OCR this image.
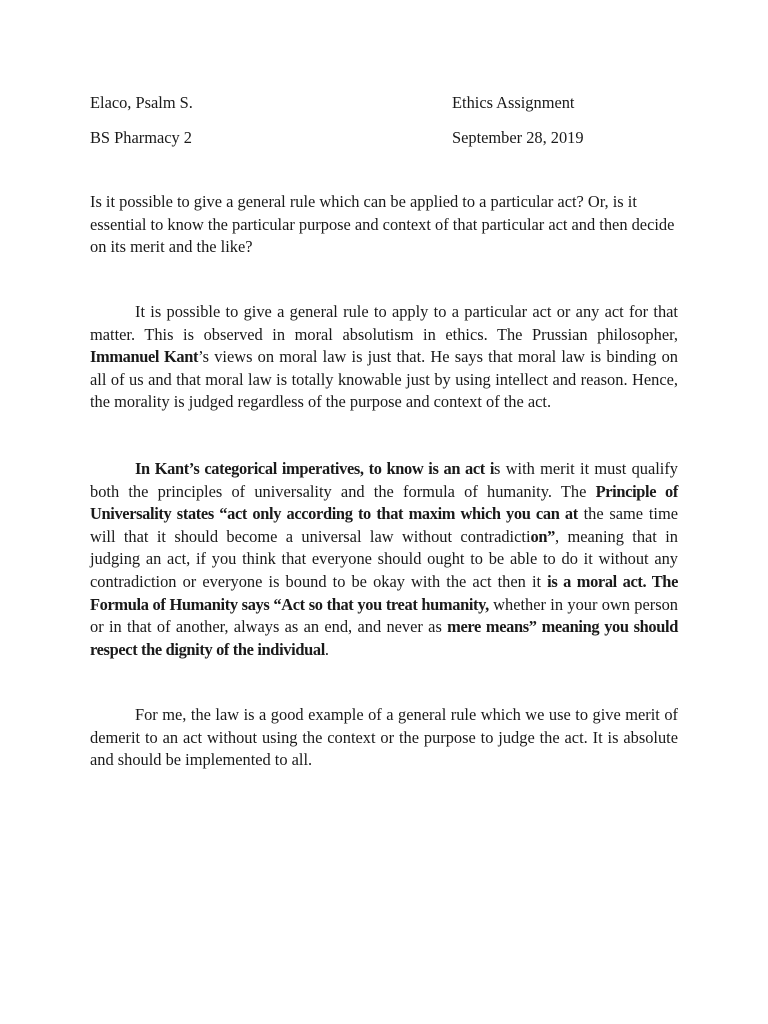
Elaco, Psalm S.	Ethics Assignment
BS Pharmacy 2	September 28, 2019

Is it possible to give a general rule which can be applied to a particular act? Or, is it essential to know the particular purpose and context of that particular act and then decide on its merit and the like?

It is possible to give a general rule to apply to a particular act or any act for that matter. This is observed in moral absolutism in ethics. The Prussian philosopher, Immanuel Kant’s views on moral law is just that. He says that moral law is binding on all of us and that moral law is totally knowable just by using intellect and reason. Hence, the morality is judged regardless of the purpose and context of the act.

In Kant’s categorical imperatives, to know is an act is with merit it must qualify both the principles of universality and the formula of humanity. The Principle of Universality states “act only according to that maxim which you can at the same time will that it should become a universal law without contradiction”, meaning that in judging an act, if you think that everyone should ought to be able to do it without any contradiction or everyone is bound to be okay with the act then it is a moral act. The Formula of Humanity says “Act so that you treat humanity, whether in your own person or in that of another, always as an end, and never as mere means” meaning you should respect the dignity of the individual.

For me, the law is a good example of a general rule which we use to give merit of demerit to an act without using the context or the purpose to judge the act. It is absolute and should be implemented to all.
